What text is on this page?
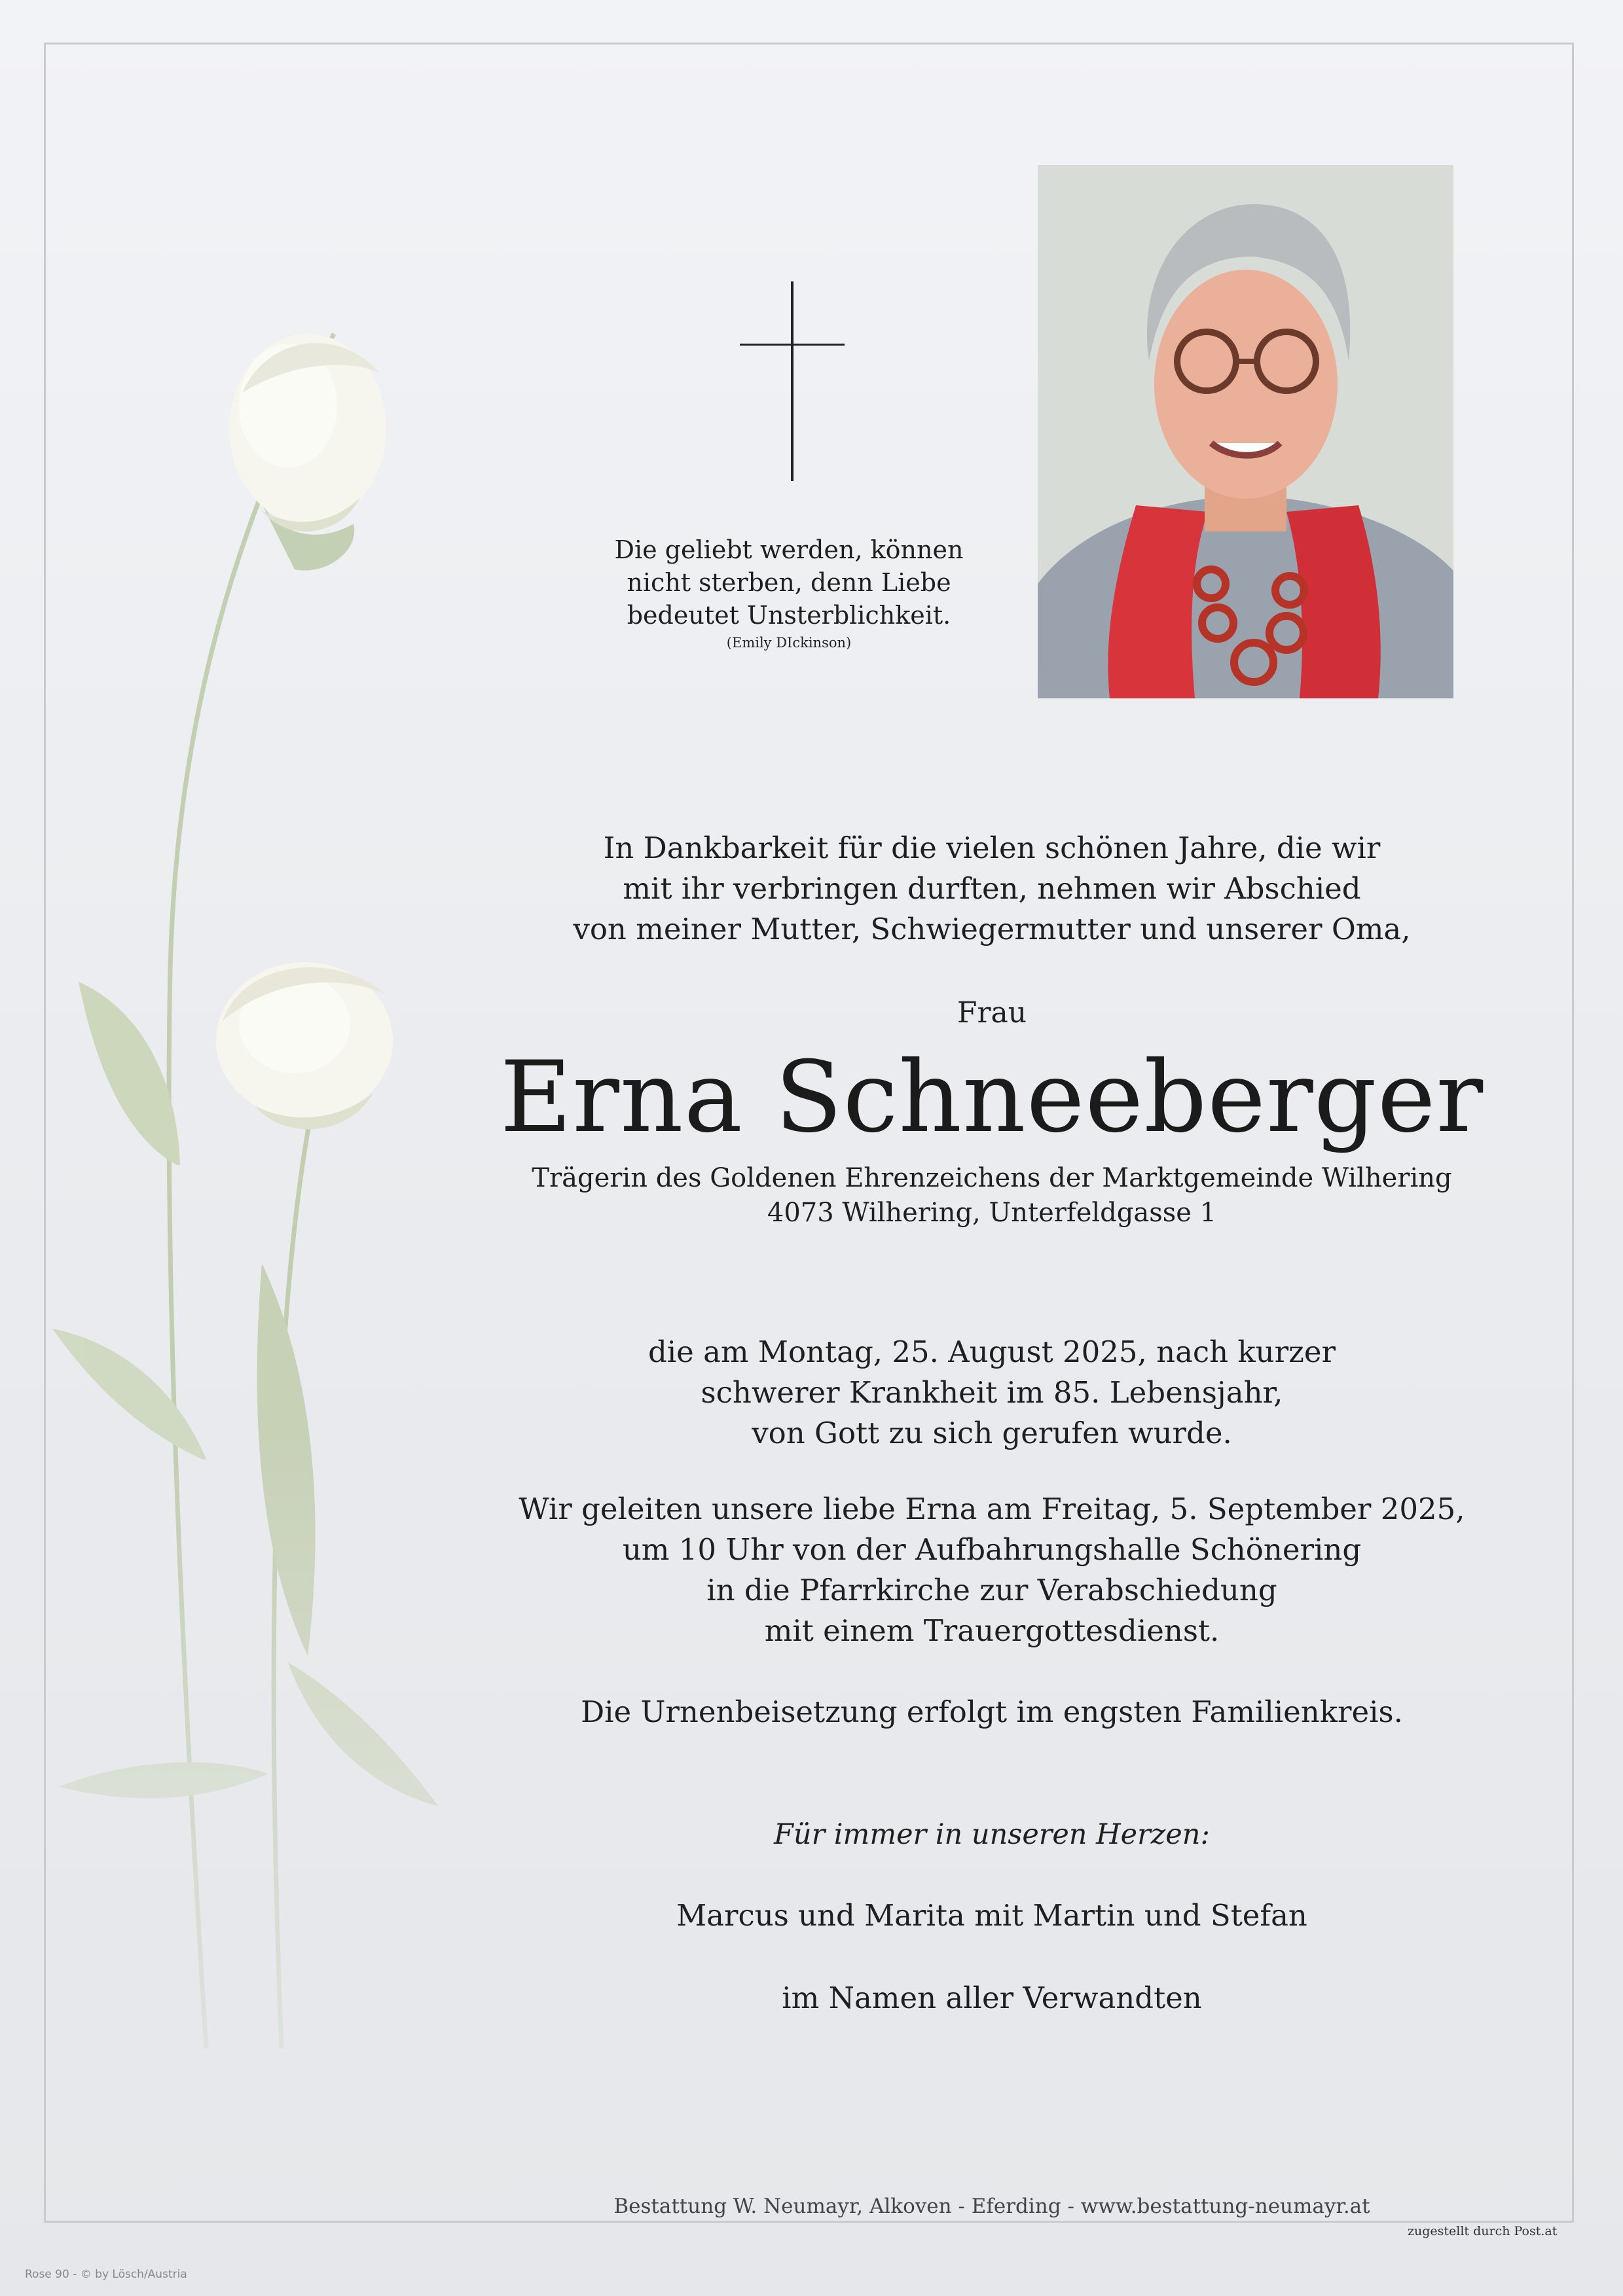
Die geliebt werden, können
nicht sterben, denn Liebe
bedeutet Unsterblichkeit.
(Emily DIckinson)
In Dankbarkeit für die vielen schönen Jahre, die wir
mit ihr verbringen durften, nehmen wir Abschied
von meiner Mutter, Schwiegermutter und unserer Oma,
Frau
Erna Schneeberger
Trägerin des Goldenen Ehrenzeichens der Marktgemeinde Wilhering
4073 Wilhering, Unterfeldgasse 1
die am Montag, 25. August 2025, nach kurzer
schwerer Krankheit im 85. Lebensjahr,
von Gott zu sich gerufen wurde.
Wir geleiten unsere liebe Erna am Freitag, 5. September 2025,
um 10 Uhr von der Aufbahrungshalle Schönering
in die Pfarrkirche zur Verabschiedung
mit einem Trauergottesdienst.
Die Urnenbeisetzung erfolgt im engsten Familienkreis.
Für immer in unseren Herzen:
Marcus und Marita mit Martin und Stefan
im Namen aller Verwandten
Bestattung W. Neumayr, Alkoven - Eferding - www.bestattung-neumayr.at
zugestellt durch Post.at
Rose 90 - © by Lösch/Austria
